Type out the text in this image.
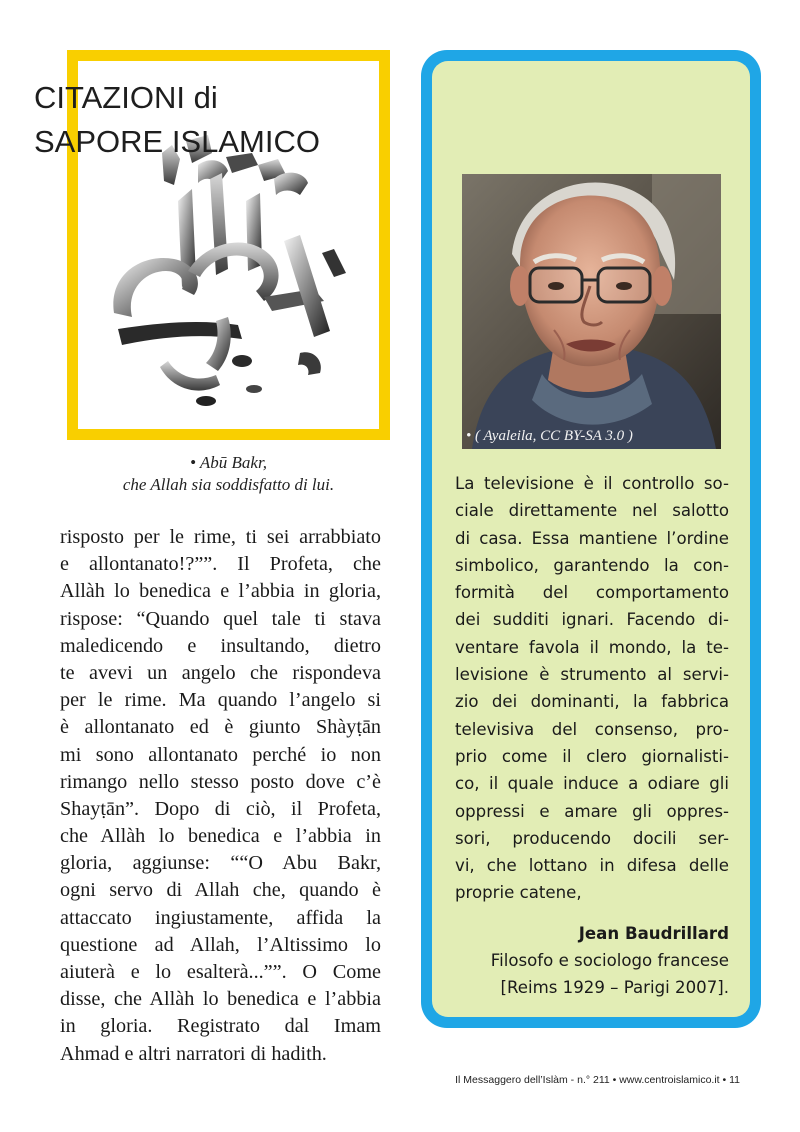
• Abū Bakr,
che Allah sia soddisfatto di lui.
risposto per le rime, ti sei arrabbiato
e allontanato!?””. Il Profeta, che
Allàh lo benedica e l’abbia in gloria,
rispose: “Quando quel tale ti stava
maledicendo e insultando, dietro
te avevi un angelo che rispondeva
per le rime. Ma quando l’angelo si
è allontanato ed è giunto Shàyṭān
mi sono allontanato perché io non
rimango nello stesso posto dove c’è
Shayṭān”. Dopo di ciò, il Profeta,
che Allàh lo benedica e l’abbia in
gloria, aggiunse: ““O Abu Bakr,
ogni servo di Allah che, quando è
attaccato ingiustamente, affida la
questione ad Allah, l’Altissimo lo
aiuterà e lo esalterà...””. O Come
disse, che Allàh lo benedica e l’abbia
in gloria. Registrato dal Imam
Ahmad e altri narratori di hadith.
CITAZIONI di
SAPORE ISLAMICO
• ( Ayaleila, CC BY-SA 3.0 )
La televisione è il controllo so-
ciale direttamente nel salotto
di casa. Essa mantiene l’ordine
simbolico, garantendo la con-
formità del comportamento
dei sudditi ignari. Facendo di-
ventare favola il mondo, la te-
levisione è strumento al servi-
zio dei dominanti, la fabbrica
televisiva del consenso, pro-
prio come il clero giornalisti-
co, il quale induce a odiare gli
oppressi e amare gli oppres-
sori, producendo docili ser-
vi, che lottano in difesa delle
proprie catene,
Jean Baudrillard
Filosofo e sociologo francese
[Reims 1929 – Parigi 2007].
Il Messaggero dell’Islàm - n.° 211 • www.centroislamico.it • 11
